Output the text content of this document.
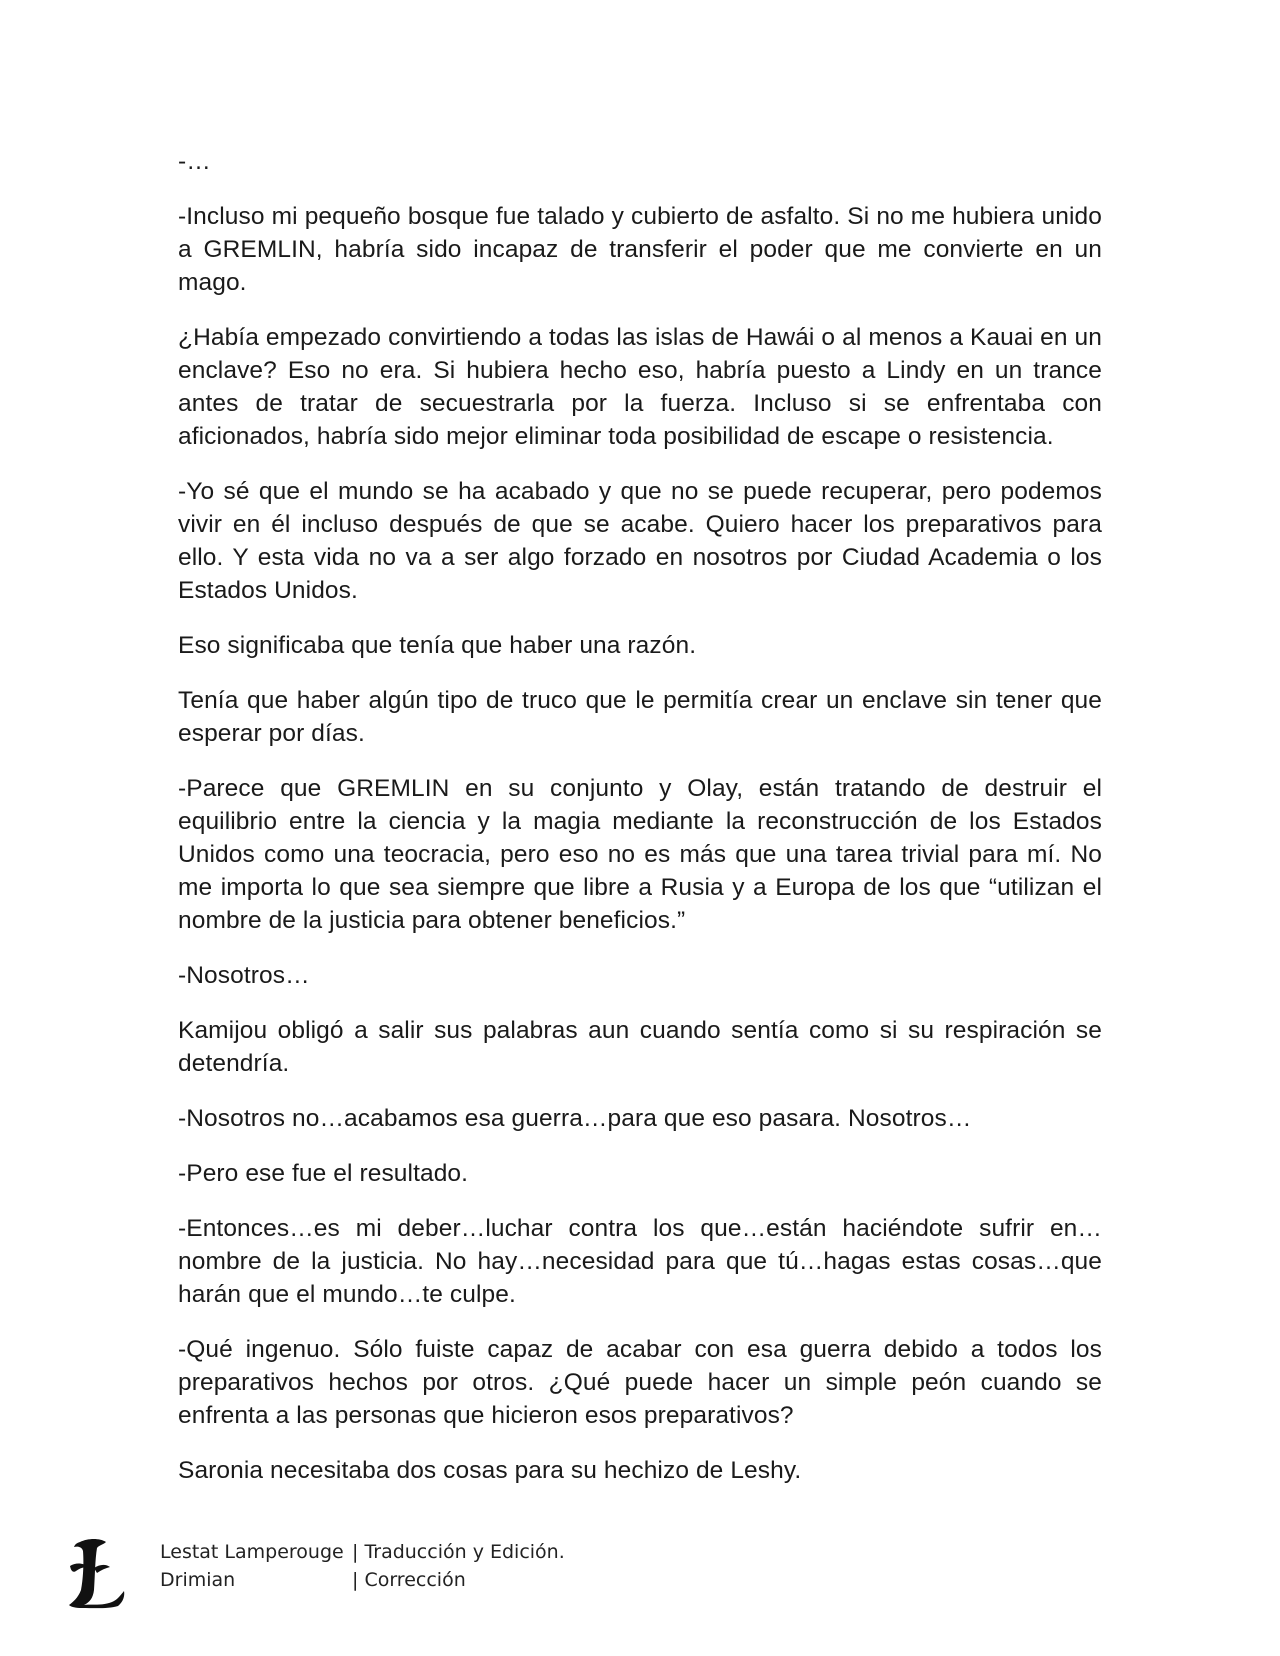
-…

-Incluso mi pequeño bosque fue talado y cubierto de asfalto. Si no me hubiera unido a GREMLIN, habría sido incapaz de transferir el poder que me convierte en un mago.

¿Había empezado convirtiendo a todas las islas de Hawái o al menos a Kauai en un enclave? Eso no era. Si hubiera hecho eso, habría puesto a Lindy en un trance antes de tratar de secuestrarla por la fuerza. Incluso si se enfrentaba con aficionados, habría sido mejor eliminar toda posibilidad de escape o resistencia.

-Yo sé que el mundo se ha acabado y que no se puede recuperar, pero podemos vivir en él incluso después de que se acabe. Quiero hacer los preparativos para ello. Y esta vida no va a ser algo forzado en nosotros por Ciudad Academia o los Estados Unidos.

Eso significaba que tenía que haber una razón.

Tenía que haber algún tipo de truco que le permitía crear un enclave sin tener que esperar por días.

-Parece que GREMLIN en su conjunto y Olay, están tratando de destruir el equilibrio entre la ciencia y la magia mediante la reconstrucción de los Estados Unidos como una teocracia, pero eso no es más que una tarea trivial para mí. No me importa lo que sea siempre que libre a Rusia y a Europa de los que “utilizan el nombre de la justicia para obtener beneficios.”

-Nosotros…

Kamijou obligó a salir sus palabras aun cuando sentía como si su respiración se detendría.

-Nosotros no…acabamos esa guerra…para que eso pasara. Nosotros…

-Pero ese fue el resultado.

-Entonces…es mi deber…luchar contra los que…están haciéndote sufrir en…nombre de la justicia. No hay…necesidad para que tú…hagas estas cosas…que harán que el mundo…te culpe.

-Qué ingenuo. Sólo fuiste capaz de acabar con esa guerra debido a todos los preparativos hechos por otros. ¿Qué puede hacer un simple peón cuando se enfrenta a las personas que hicieron esos preparativos?

Saronia necesitaba dos cosas para su hechizo de Leshy.

Lestat Lamperouge | Traducción y Edición.
Drimian	| Corrección
